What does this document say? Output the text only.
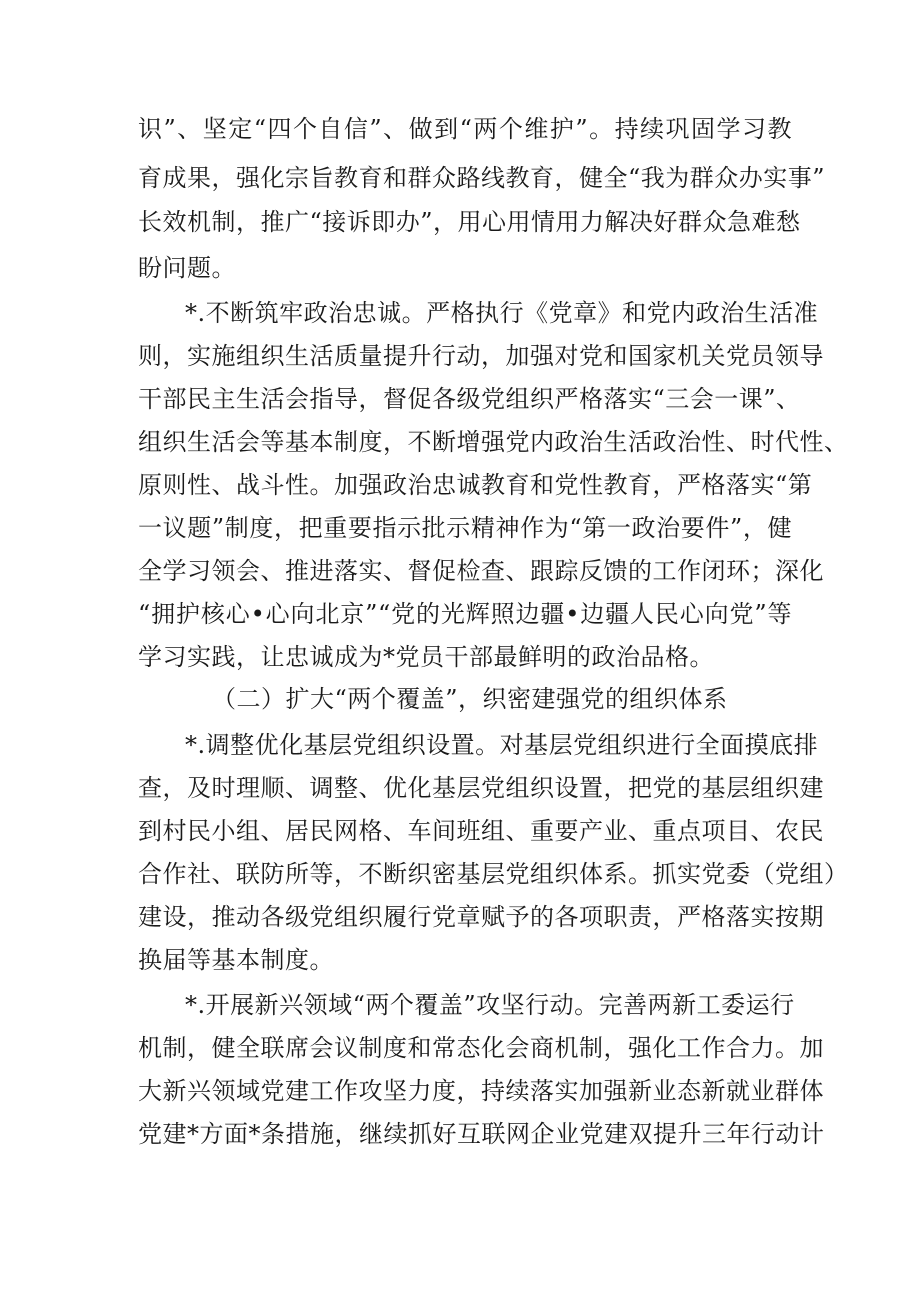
识”、坚定“四个自信”、做到“两个维护”。持续巩固学习教
育成果，强化宗旨教育和群众路线教育，健全“我为群众办实事”
长效机制，推广“接诉即办”，用心用情用力解决好群众急难愁
盼问题。
*.不断筑牢政治忠诚。严格执行《党章》和党内政治生活准
则，实施组织生活质量提升行动，加强对党和国家机关党员领导
干部民主生活会指导，督促各级党组织严格落实“三会一课”、
组织生活会等基本制度，不断增强党内政治生活政治性、时代性、
原则性、战斗性。加强政治忠诚教育和党性教育，严格落实“第
一议题”制度，把重要指示批示精神作为“第一政治要件”，健
全学习领会、推进落实、督促检查、跟踪反馈的工作闭环；深化
“拥护核心•心向北京”“党的光辉照边疆•边疆人民心向党”等
学习实践，让忠诚成为*党员干部最鲜明的政治品格。
（二）扩大“两个覆盖”，织密建强党的组织体系
*.调整优化基层党组织设置。对基层党组织进行全面摸底排
查，及时理顺、调整、优化基层党组织设置，把党的基层组织建
到村民小组、居民网格、车间班组、重要产业、重点项目、农民
合作社、联防所等，不断织密基层党组织体系。抓实党委（党组）
建设，推动各级党组织履行党章赋予的各项职责，严格落实按期
换届等基本制度。
*.开展新兴领域“两个覆盖”攻坚行动。完善两新工委运行
机制，健全联席会议制度和常态化会商机制，强化工作合力。加
大新兴领域党建工作攻坚力度，持续落实加强新业态新就业群体
党建*方面*条措施，继续抓好互联网企业党建双提升三年行动计
